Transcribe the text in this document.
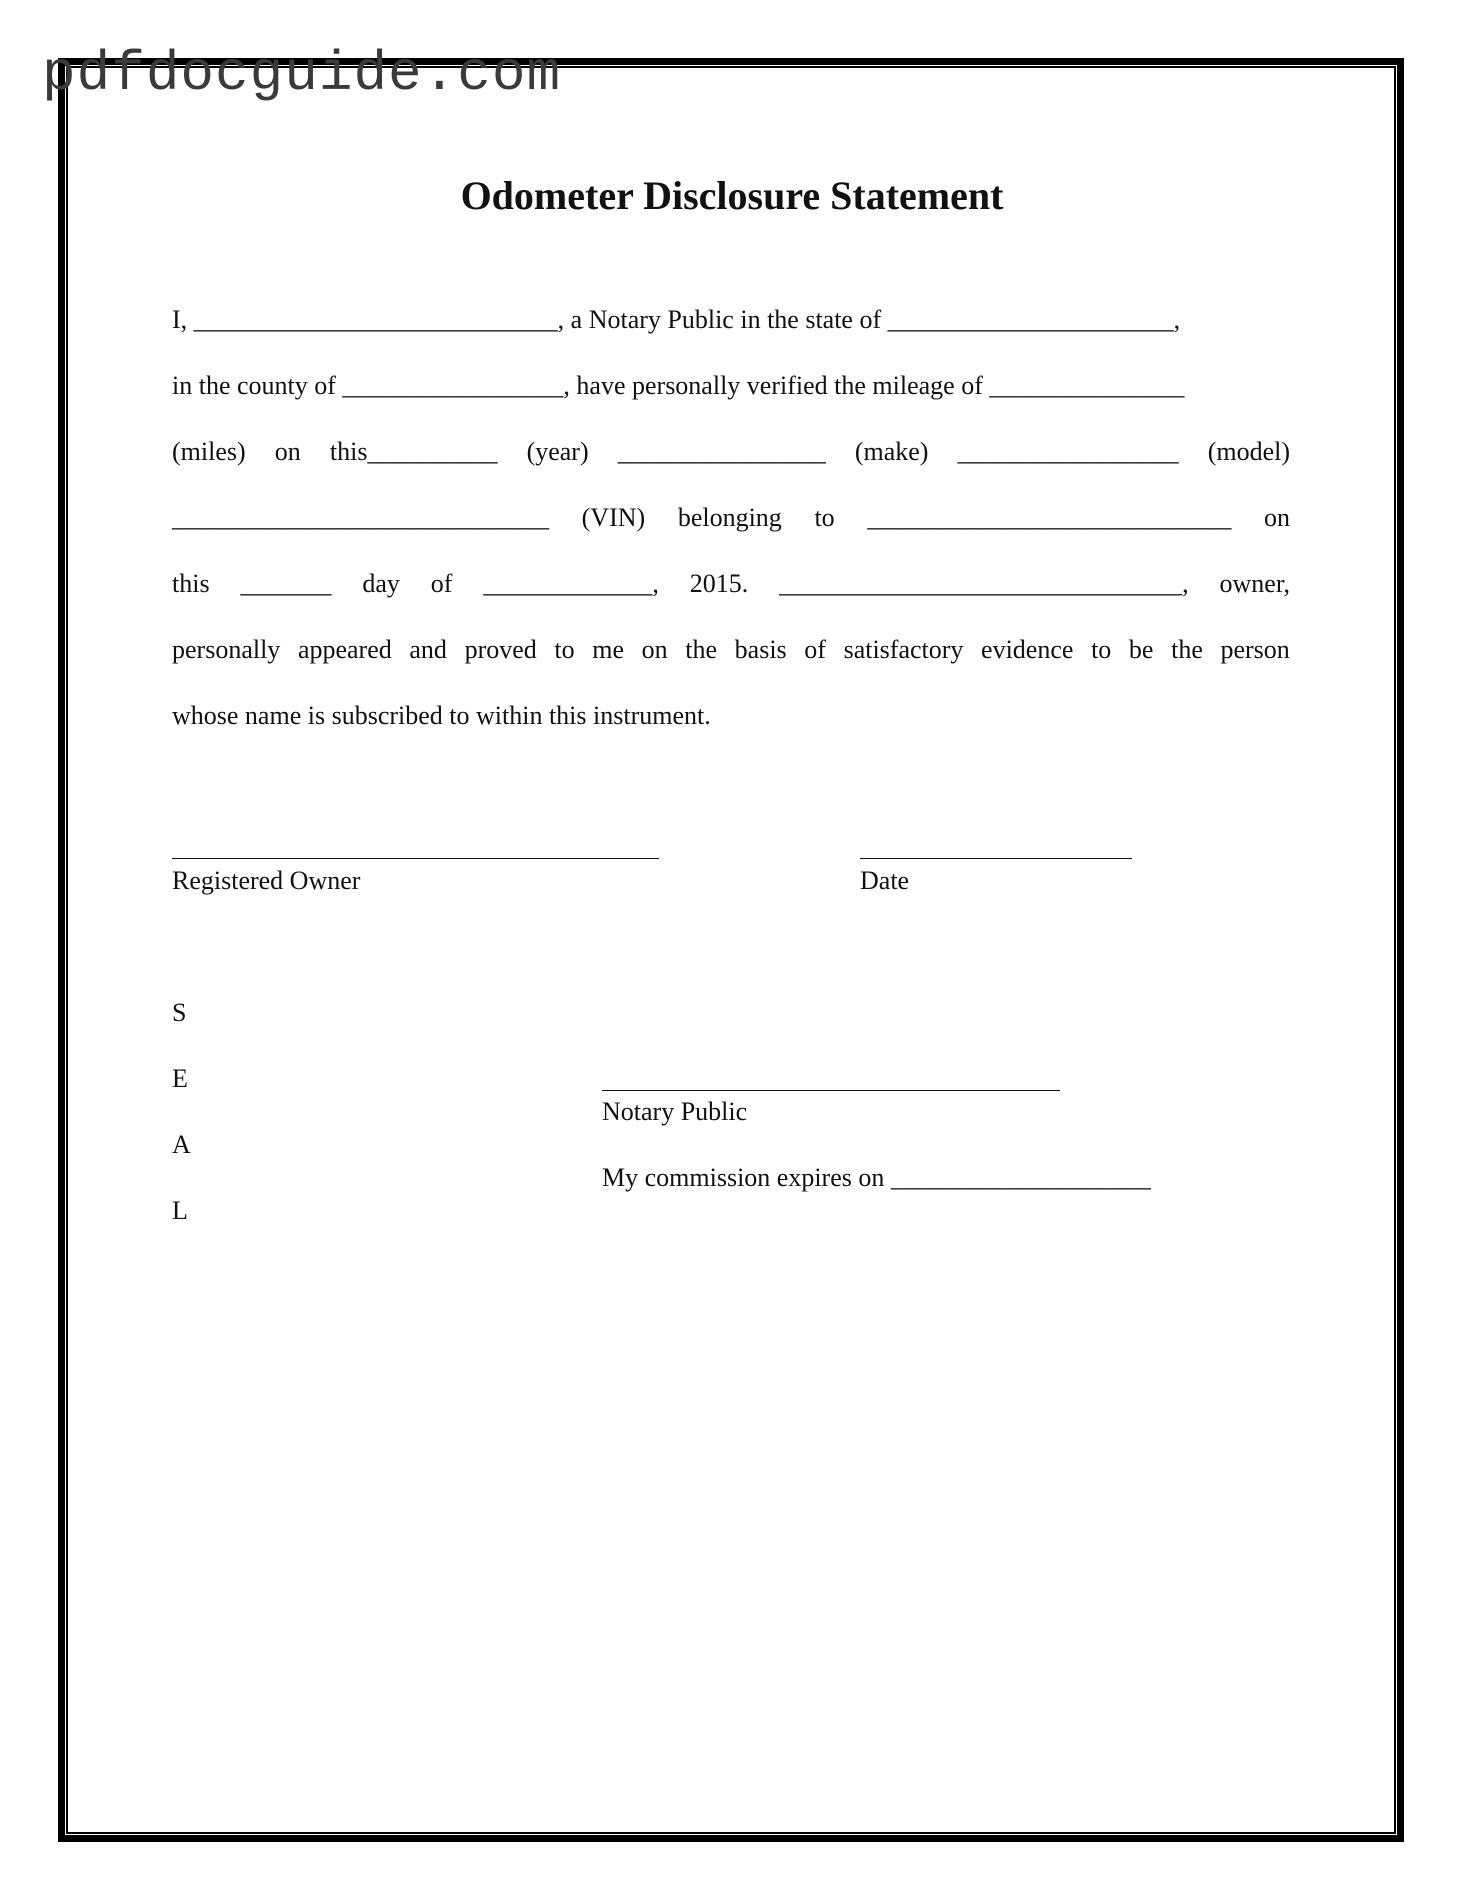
pdfdocguide.com
Odometer Disclosure Statement
I, ____________________________, a Notary Public in the state of ______________________,
in the county of _________________, have personally verified the mileage of _______________
(miles) on this__________ (year) ________________ (make) _________________ (model)
_____________________________ (VIN) belonging to ____________________________ on
this _______ day of _____________, 2015. _______________________________, owner,
personally appeared and proved to me on the basis of satisfactory evidence to be the person
whose name is subscribed to within this instrument.
Registered Owner	Date
S
E
A
L
Notary Public
My commission expires on ____________________
